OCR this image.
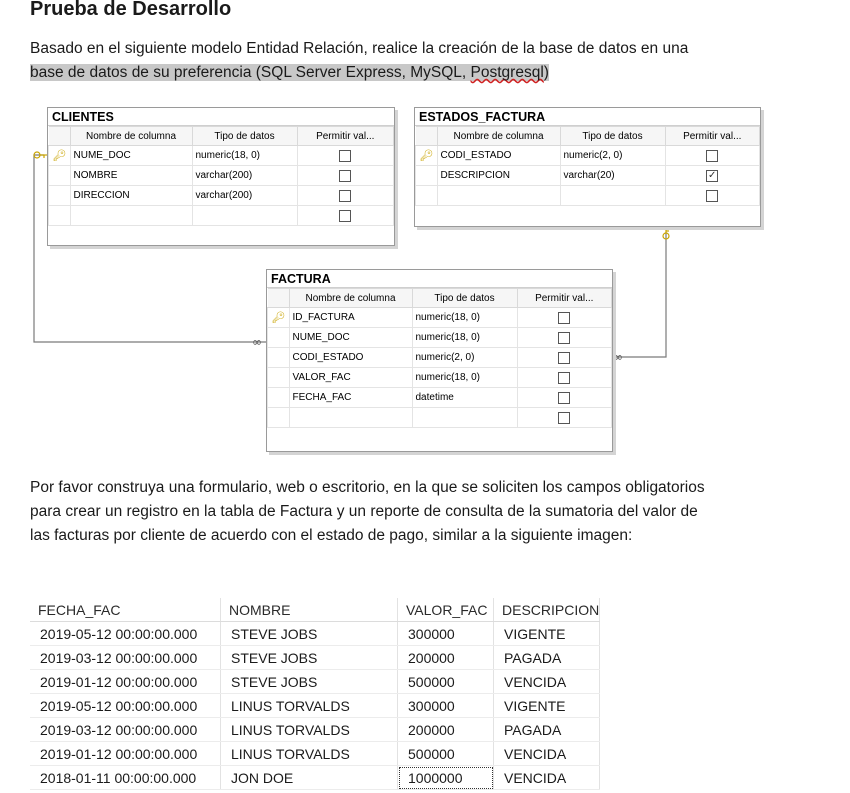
Prueba de Desarrollo
Basado en el siguiente modelo Entidad Relación, realice la creación de la base de datos en una
base de datos de su preferencia (SQL Server Express, MySQL, Postgresql)
∞
∞
CLIENTES
	Nombre de columna	Tipo de datos	Permitir val...
🔑︎	NUME_DOC	numeric(18, 0)	
	NOMBRE	varchar(200)	
	DIRECCION	varchar(200)	

ESTADOS_FACTURA
	Nombre de columna	Tipo de datos	Permitir val...
🔑︎	CODI_ESTADO	numeric(2, 0)	
	DESCRIPCION	varchar(20)	✓

FACTURA
	Nombre de columna	Tipo de datos	Permitir val...
🔑︎	ID_FACTURA	numeric(18, 0)	
	NUME_DOC	numeric(18, 0)	
	CODI_ESTADO	numeric(2, 0)	
	VALOR_FAC	numeric(18, 0)	
	FECHA_FAC	datetime	

Por favor construya una formulario, web o escritorio, en la que se soliciten los campos obligatorios
para crear un registro en la tabla de Factura y un reporte de consulta de la sumatoria del valor de
las facturas por cliente de acuerdo con el estado de pago, similar a la siguiente imagen:
FECHA_FAC	NOMBRE	VALOR_FAC	DESCRIPCION
2019-05-12 00:00:00.000	STEVE JOBS	300000	VIGENTE
2019-03-12 00:00:00.000	STEVE JOBS	200000	PAGADA
2019-01-12 00:00:00.000	STEVE JOBS	500000	VENCIDA
2019-05-12 00:00:00.000	LINUS TORVALDS	300000	VIGENTE
2019-03-12 00:00:00.000	LINUS TORVALDS	200000	PAGADA
2019-01-12 00:00:00.000	LINUS TORVALDS	500000	VENCIDA
2018-01-11 00:00:00.000	JON DOE	1000000	VENCIDA
